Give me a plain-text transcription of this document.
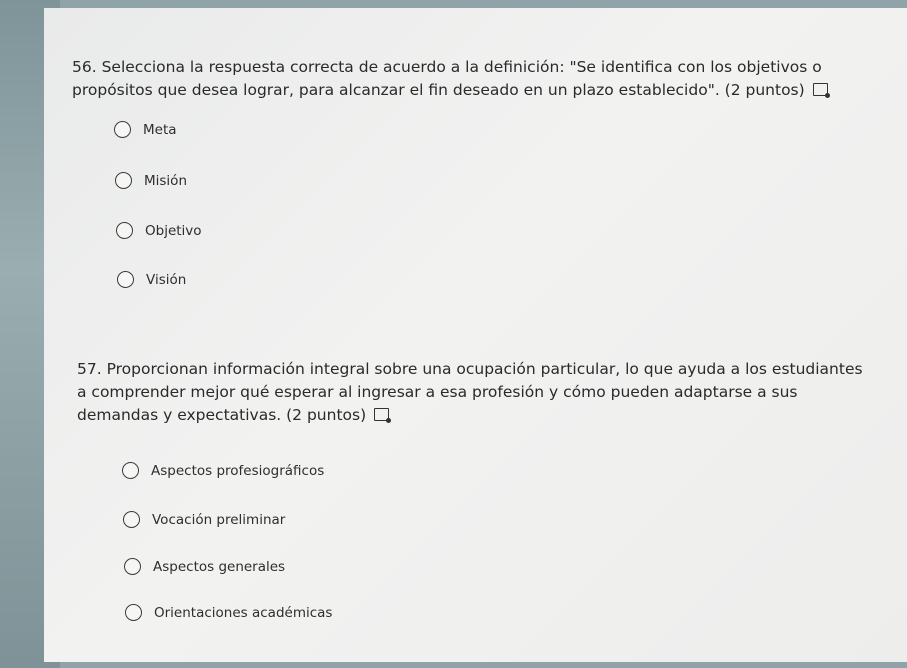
56. Selecciona la respuesta correcta de acuerdo a la definición: "Se identifica con los objetivos o propósitos que desea lograr, para alcanzar el fin deseado en un plazo establecido". (2 puntos)
Meta
Misión
Objetivo
Visión
57. Proporcionan información integral sobre una ocupación particular, lo que ayuda a los estudiantes a comprender mejor qué esperar al ingresar a esa profesión y cómo pueden adaptarse a sus demandas y expectativas. (2 puntos)
Aspectos profesiográficos
Vocación preliminar
Aspectos generales
Orientaciones académicas
